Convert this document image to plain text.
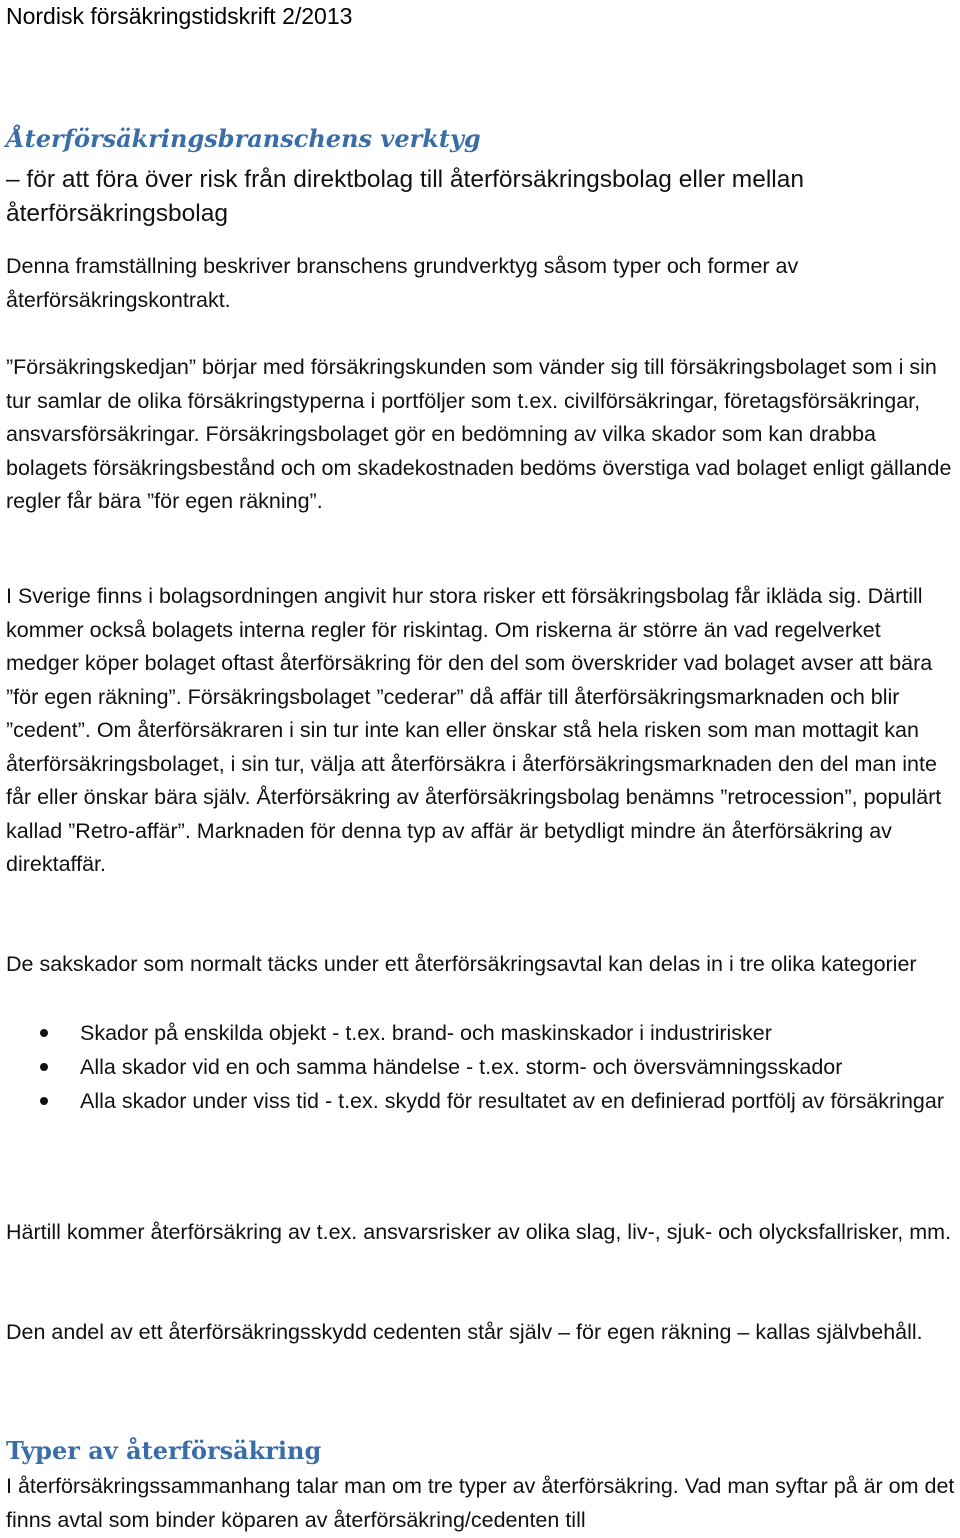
Nordisk försäkringstidskrift 2/2013

Återförsäkringsbranschens verktyg

– för att föra över risk från direktbolag till återförsäkringsbolag eller mellan återförsäkringsbolag

Denna framställning beskriver branschens grundverktyg såsom typer och former av återförsäkringskontrakt.

”Försäkringskedjan” börjar med försäkringskunden som vänder sig till försäkringsbolaget som i sin tur samlar de olika försäkringstyperna i portföljer som t.ex. civilförsäkringar, företagsförsäkringar, ansvarsförsäkringar. Försäkringsbolaget gör en bedömning av vilka skador som kan drabba bolagets försäkringsbestånd och om skadekostnaden bedöms överstiga vad bolaget enligt gällande regler får bära ”för egen räkning”.

I Sverige finns i bolagsordningen angivit hur stora risker ett försäkringsbolag får ikläda sig. Därtill kommer också bolagets interna regler för riskintag. Om riskerna är större än vad regelverket medger köper bolaget oftast återförsäkring för den del som överskrider vad bolaget avser att bära ”för egen räkning”. Försäkringsbolaget ”cederar” då affär till återförsäkringsmarknaden och blir ”cedent”. Om återförsäkraren i sin tur inte kan eller önskar stå hela risken som man mottagit kan återförsäkringsbolaget, i sin tur, välja att återförsäkra i återförsäkringsmarknaden den del man inte får eller önskar bära själv. Återförsäkring av återförsäkringsbolag benämns ”retrocession”, populärt kallad ”Retro-affär”. Marknaden för denna typ av affär är betydligt mindre än återförsäkring av direktaffär.

De sakskador som normalt täcks under ett återförsäkringsavtal kan delas in i tre olika kategorier

Skador på enskilda objekt - t.ex. brand- och maskinskador i industririsker
Alla skador vid en och samma händelse - t.ex. storm- och översvämningsskador
Alla skador under viss tid - t.ex. skydd för resultatet av en definierad portfölj av försäkringar

Härtill kommer återförsäkring av t.ex. ansvarsrisker av olika slag, liv-, sjuk- och olycksfallrisker, mm.

Den andel av ett återförsäkringsskydd cedenten står själv – för egen räkning – kallas självbehåll.

Typer av återförsäkring

I återförsäkringssammanhang talar man om tre typer av återförsäkring. Vad man syftar på är om det finns avtal som binder köparen av återförsäkring/cedenten till
